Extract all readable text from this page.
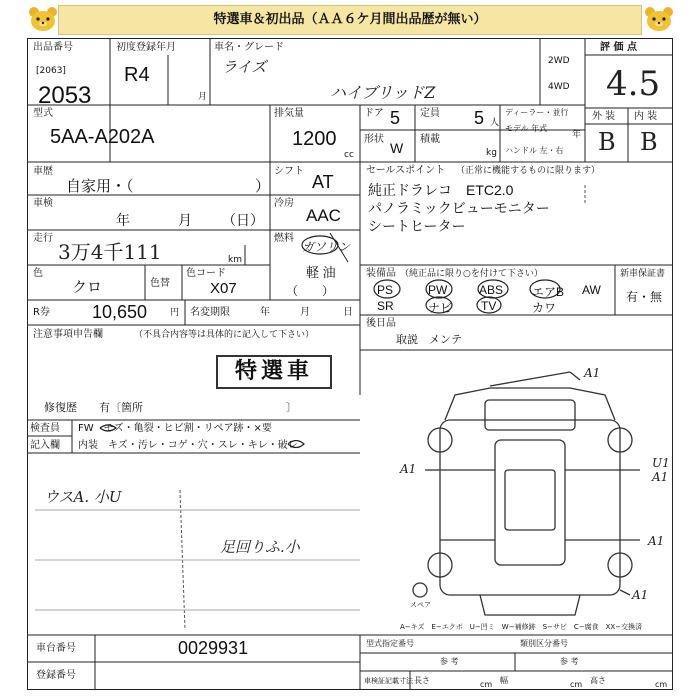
特選車＆初出品（ＡＡ６ケ月間出品歴が無い）
出品番号
[2063]
2053
初度登録年月
R4
月
車名・グレード
ライズ
ハイブリッドZ
2WD
4WD
評 価 点
4.5
外 装 内 装
B B
型式
5AA-A202A
排気量
1200
cc
ドア 5 定員 5 人
ディーラー・並行
モデル 年式
年
ハンドル 左・右
形状
W
積載
kg
車歴
自家用・（	）
シフト
AT
車検
年	月 （日）
冷房
AAC
走行
3万4千111	km
燃料
ガソリン
軽 油
（　　）
色
クロ	色替
色コード
X07
R券 10,650	円 名変期限	年	月	日
注意事項申告欄	（不具合内容等は具体的に記入して下さい）
特選車
修復歴　　有〔箇所　　　　　　　　　　　　　〕
検査員
記入欄
FW　モズ・亀裂・ヒビ割・リペア跡・×要
内装　キズ・汚レ・コゲ・穴・スレ・キレ・破レ
ウスA. 小U
足回りふ.小
セールスポイント （正常に機能するものに限ります）
純正ドラレコ　ETC2.0
パノラミックビューモニター
シートヒーター
装備品 （純正品に限り○を付けて下さい）
PS	PW	ABS エアB AW
SR	ナビ TV	カワ
新車保証書
有・無
後日品
取説　メンテ
A1
A1	U1
A1
A1
A1
スペア
A−キズ　E−エクボ　U−凹ミ　W−補修跡　S−サビ　C−腐食　XX−交換済
車台番号	0029931
登録番号
型式指定番号	類別区分番号
参 考	参 考
車検証記載寸法 長さ	cm 幅	cm 高さ	cm
